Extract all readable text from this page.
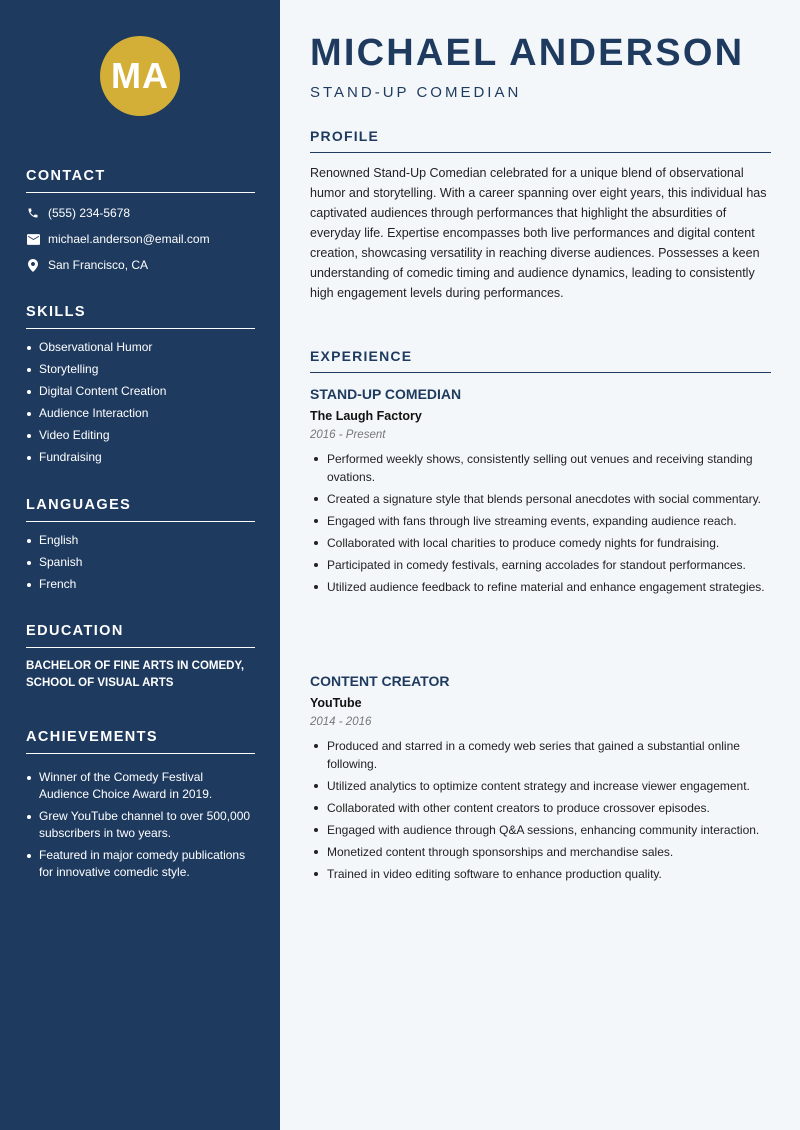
MA
CONTACT
(555) 234-5678
michael.anderson@email.com
San Francisco, CA
SKILLS
Observational Humor
Storytelling
Digital Content Creation
Audience Interaction
Video Editing
Fundraising
LANGUAGES
English
Spanish
French
EDUCATION
BACHELOR OF FINE ARTS IN COMEDY, SCHOOL OF VISUAL ARTS
ACHIEVEMENTS
Winner of the Comedy Festival Audience Choice Award in 2019.
Grew YouTube channel to over 500,000 subscribers in two years.
Featured in major comedy publications for innovative comedic style.
MICHAEL ANDERSON
STAND-UP COMEDIAN
PROFILE
Renowned Stand-Up Comedian celebrated for a unique blend of observational humor and storytelling. With a career spanning over eight years, this individual has captivated audiences through performances that highlight the absurdities of everyday life. Expertise encompasses both live performances and digital content creation, showcasing versatility in reaching diverse audiences. Possesses a keen understanding of comedic timing and audience dynamics, leading to consistently high engagement levels during performances.
EXPERIENCE
STAND-UP COMEDIAN
The Laugh Factory
2016 - Present
Performed weekly shows, consistently selling out venues and receiving standing ovations.
Created a signature style that blends personal anecdotes with social commentary.
Engaged with fans through live streaming events, expanding audience reach.
Collaborated with local charities to produce comedy nights for fundraising.
Participated in comedy festivals, earning accolades for standout performances.
Utilized audience feedback to refine material and enhance engagement strategies.
CONTENT CREATOR
YouTube
2014 - 2016
Produced and starred in a comedy web series that gained a substantial online following.
Utilized analytics to optimize content strategy and increase viewer engagement.
Collaborated with other content creators to produce crossover episodes.
Engaged with audience through Q&A sessions, enhancing community interaction.
Monetized content through sponsorships and merchandise sales.
Trained in video editing software to enhance production quality.
